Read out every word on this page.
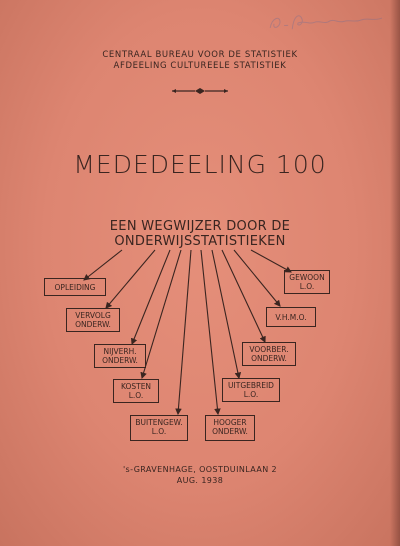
CENTRAAL BUREAU VOOR DE STATISTIEK
AFDEELING CULTUREELE STATISTIEK
MEDEDEELING 100
EEN WEGWIJZER DOOR DE
ONDERWIJSSTATISTIEKEN
OPLEIDING
VERVOLG
ONDERW.
NIJVERH.
ONDERW.
KOSTEN
L.O.
BUITENGEW.
L.O.
HOOGER
ONDERW.
UITGEBREID
L.O.
VOORBER.
ONDERW.
V.H.M.O.
GEWOON
L.O.
's-GRAVENHAGE, OOSTDUINLAAN 2
AUG. 1938
